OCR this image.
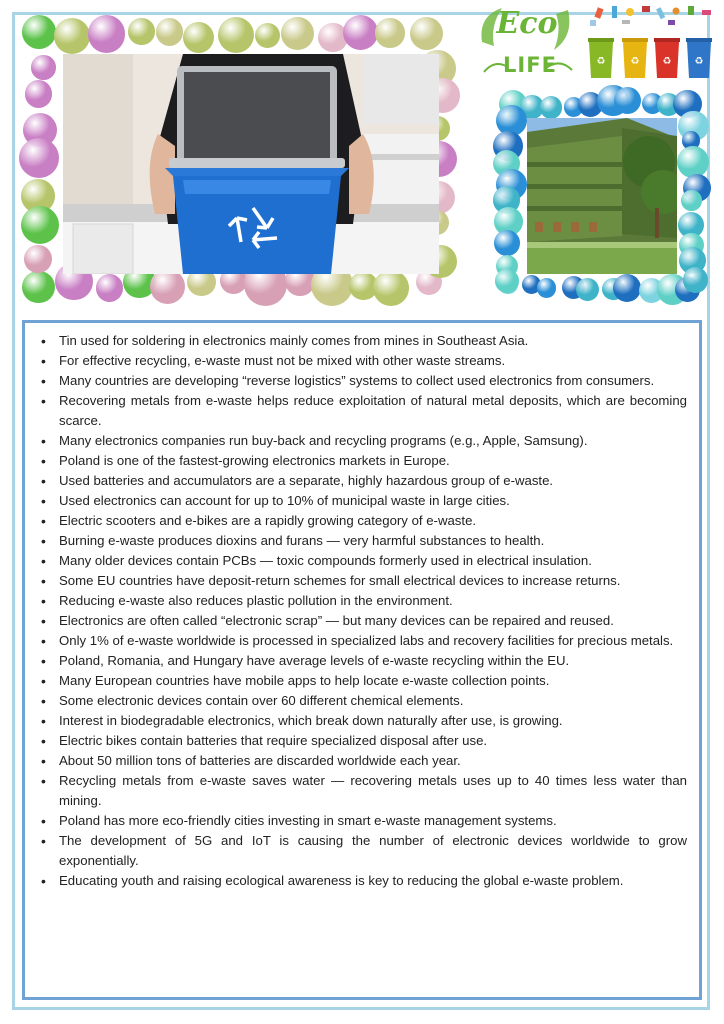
Eco
LIFE	♻	♻ ♻ ♻
• Tin used for soldering in electronics mainly comes from mines in Southeast Asia.
• For effective recycling, e-waste must not be mixed with other waste streams.
• Many countries are developing “reverse logistics” systems to collect used electronics from consumers.
• Recovering metals from e-waste helps reduce exploitation of natural metal deposits, which are becoming scarce.
• Many electronics companies run buy-back and recycling programs (e.g., Apple, Samsung).
• Poland is one of the fastest-growing electronics markets in Europe.
• Used batteries and accumulators are a separate, highly hazardous group of e-waste.
• Used electronics can account for up to 10% of municipal waste in large cities.
• Electric scooters and e-bikes are a rapidly growing category of e-waste.
• Burning e-waste produces dioxins and furans — very harmful substances to health.
• Many older devices contain PCBs — toxic compounds formerly used in electrical insulation.
• Some EU countries have deposit-return schemes for small electrical devices to increase returns.
• Reducing e-waste also reduces plastic pollution in the environment.
• Electronics are often called “electronic scrap” — but many devices can be repaired and reused.
• Only 1% of e-waste worldwide is processed in specialized labs and recovery facilities for precious metals.
• Poland, Romania, and Hungary have average levels of e-waste recycling within the EU.
• Many European countries have mobile apps to help locate e-waste collection points.
• Some electronic devices contain over 60 different chemical elements.
• Interest in biodegradable electronics, which break down naturally after use, is growing.
• Electric bikes contain batteries that require specialized disposal after use.
• About 50 million tons of batteries are discarded worldwide each year.
• Recycling metals from e-waste saves water — recovering metals uses up to 40 times less water than mining.
• Poland has more eco-friendly cities investing in smart e-waste management systems.
• The development of 5G and IoT is causing the number of electronic devices worldwide to grow exponentially.
• Educating youth and raising ecological awareness is key to reducing the global e-waste problem.
